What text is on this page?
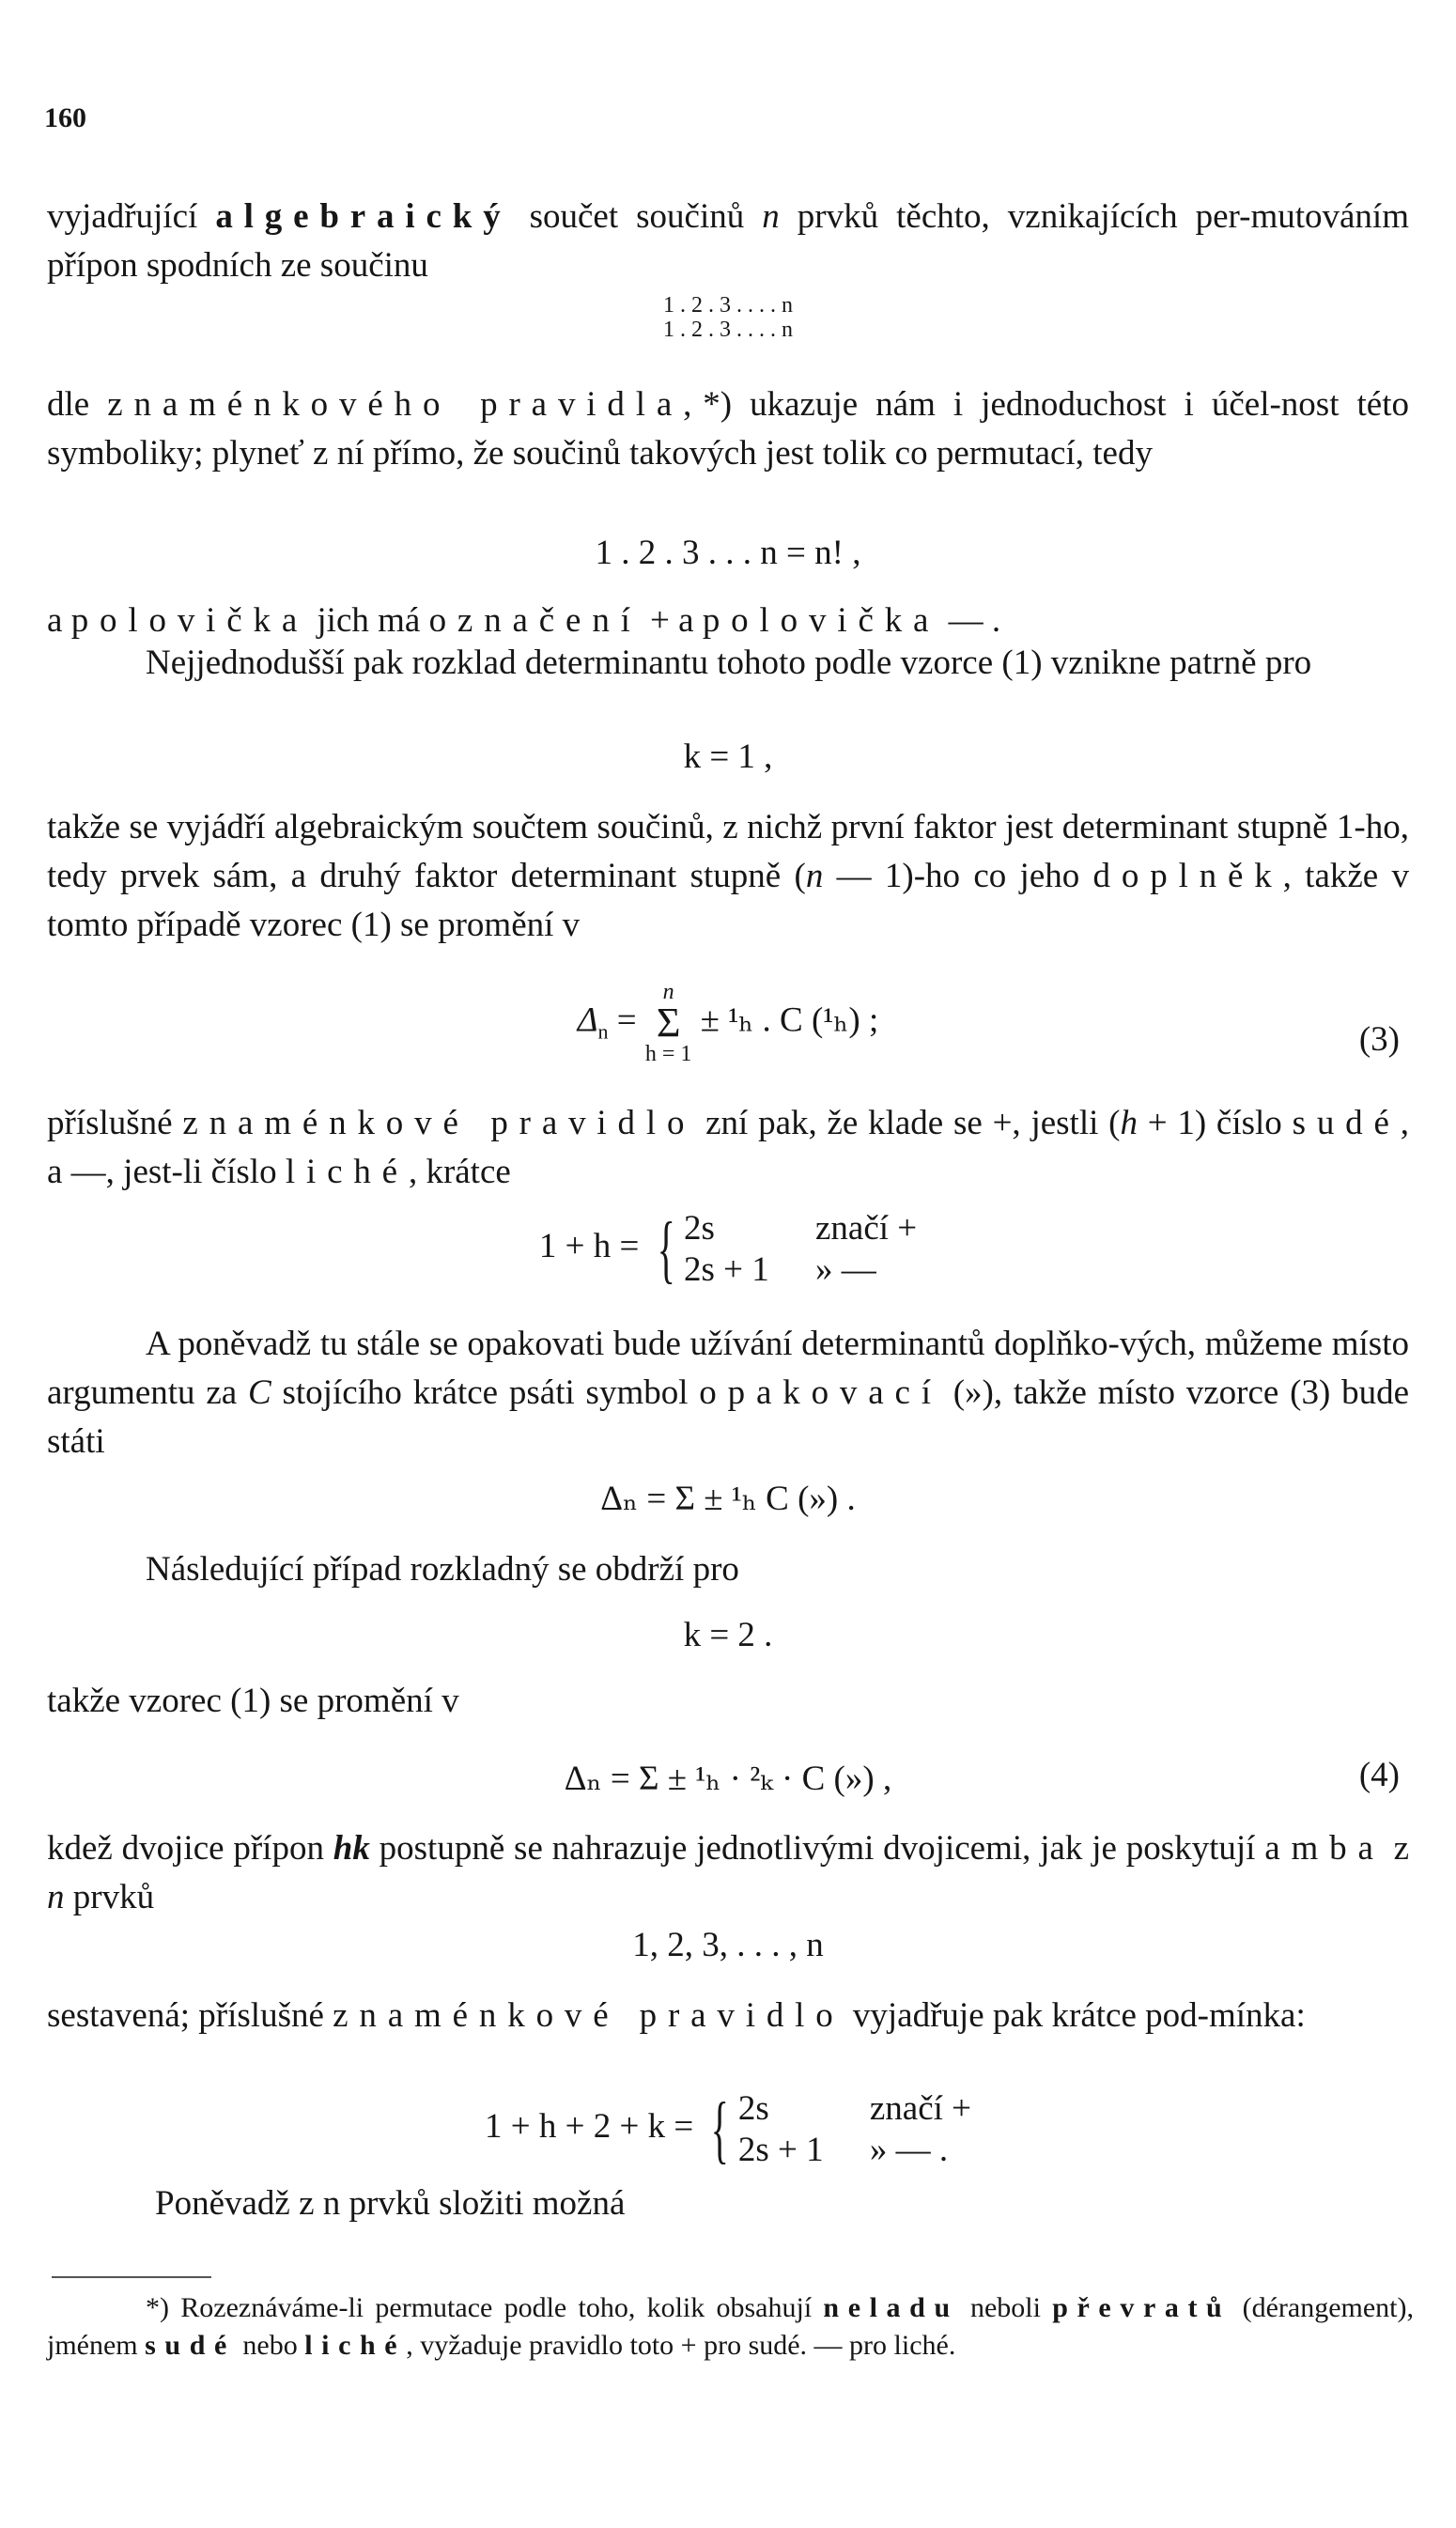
160
vyjadřující algebraický součet součinů n prvků těchto, vznikajících per-mutováním přípon spodních ze součinu
1 . 2 . 3 . . . . n
1 . 2 . 3 . . . . n
dle znaménkového pravidla,*) ukazuje nám i jednoduchost i účel-nost této symboliky; plyneť z ní přímo, že součinů takových jest tolik co permutací, tedy
1 . 2 . 3 . . . n = n! ,
a polovička jich má označení + a polovička — .
Nejjednodušší pak rozklad determinantu tohoto podle vzorce (1) vznikne patrně pro
k = 1 ,
takže se vyjádří algebraickým součtem součinů, z nichž první faktor jest determinant stupně 1-ho, tedy prvek sám, a druhý faktor determinant stupně (n — 1)-ho co jeho doplněk, takže v tomto případě vzorec (1) se promění v
$\Delta_n$ =
n
Σ
h = 1
± ¹ₕ . C (¹ₕ) ;
(3)
příslušné znaménkové pravidlo zní pak, že klade se +, jestli (h + 1) číslo sudé, a —, jest-li číslo liché, krátce
1 + h = { 2s
2s + 1 značí +
» —
A poněvadž tu stále se opakovati bude užívání determinantů doplňko-vých, můžeme místo argumentu za C stojícího krátce psáti symbol opakovací (»), takže místo vzorce (3) bude státi
Δₙ = Σ ± ¹ₕ C (») .
Následující případ rozkladný se obdrží pro
k = 2 .
takže vzorec (1) se promění v
Δₙ = Σ ± ¹ₕ · ²ₖ · C (») ,	(4)
kdež dvojice přípon hk postupně se nahrazuje jednotlivými dvojicemi, jak je poskytují amba z n prvků
1, 2, 3, . . . , n
sestavená; příslušné znaménkové pravidlo vyjadřuje pak krátce pod-mínka:
1 + h + 2 + k = { 2s
2s + 1 značí +
» — .
Poněvadž z n prvků složiti možná
*) Rozeznáváme-li permutace podle toho, kolik obsahují neladu neboli převratů (dérangement), jménem sudé nebo liché, vyžaduje pravidlo toto + pro sudé. — pro liché.
